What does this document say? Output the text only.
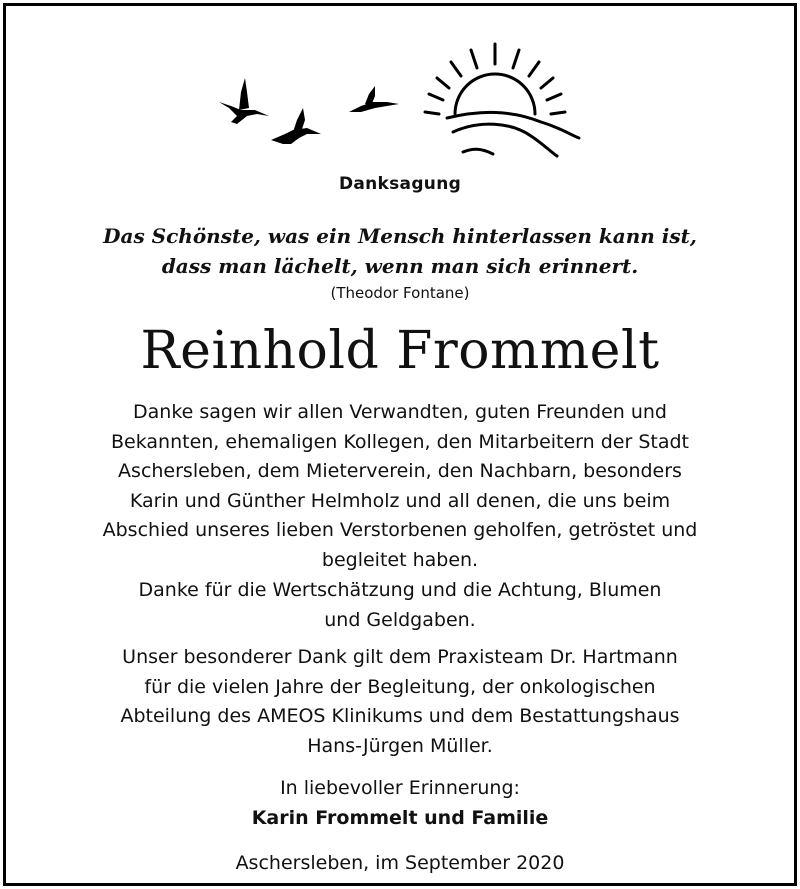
Danksagung
Das Schönste, was ein Mensch hinterlassen kann ist,
dass man lächelt, wenn man sich erinnert.
(Theodor Fontane)
Reinhold Frommelt
Danke sagen wir allen Verwandten, guten Freunden und
Bekannten, ehemaligen Kollegen, den Mitarbeitern der Stadt
Aschersleben, dem Mieterverein, den Nachbarn, besonders
Karin und Günther Helmholz und all denen, die uns beim
Abschied unseres lieben Verstorbenen geholfen, getröstet und
begleitet haben.
Danke für die Wertschätzung und die Achtung, Blumen
und Geldgaben.
Unser besonderer Dank gilt dem Praxisteam Dr. Hartmann
für die vielen Jahre der Begleitung, der onkologischen
Abteilung des AMEOS Klinikums und dem Bestattungshaus
Hans-Jürgen Müller.
In liebevoller Erinnerung:
Karin Frommelt und Familie
Aschersleben, im September 2020
